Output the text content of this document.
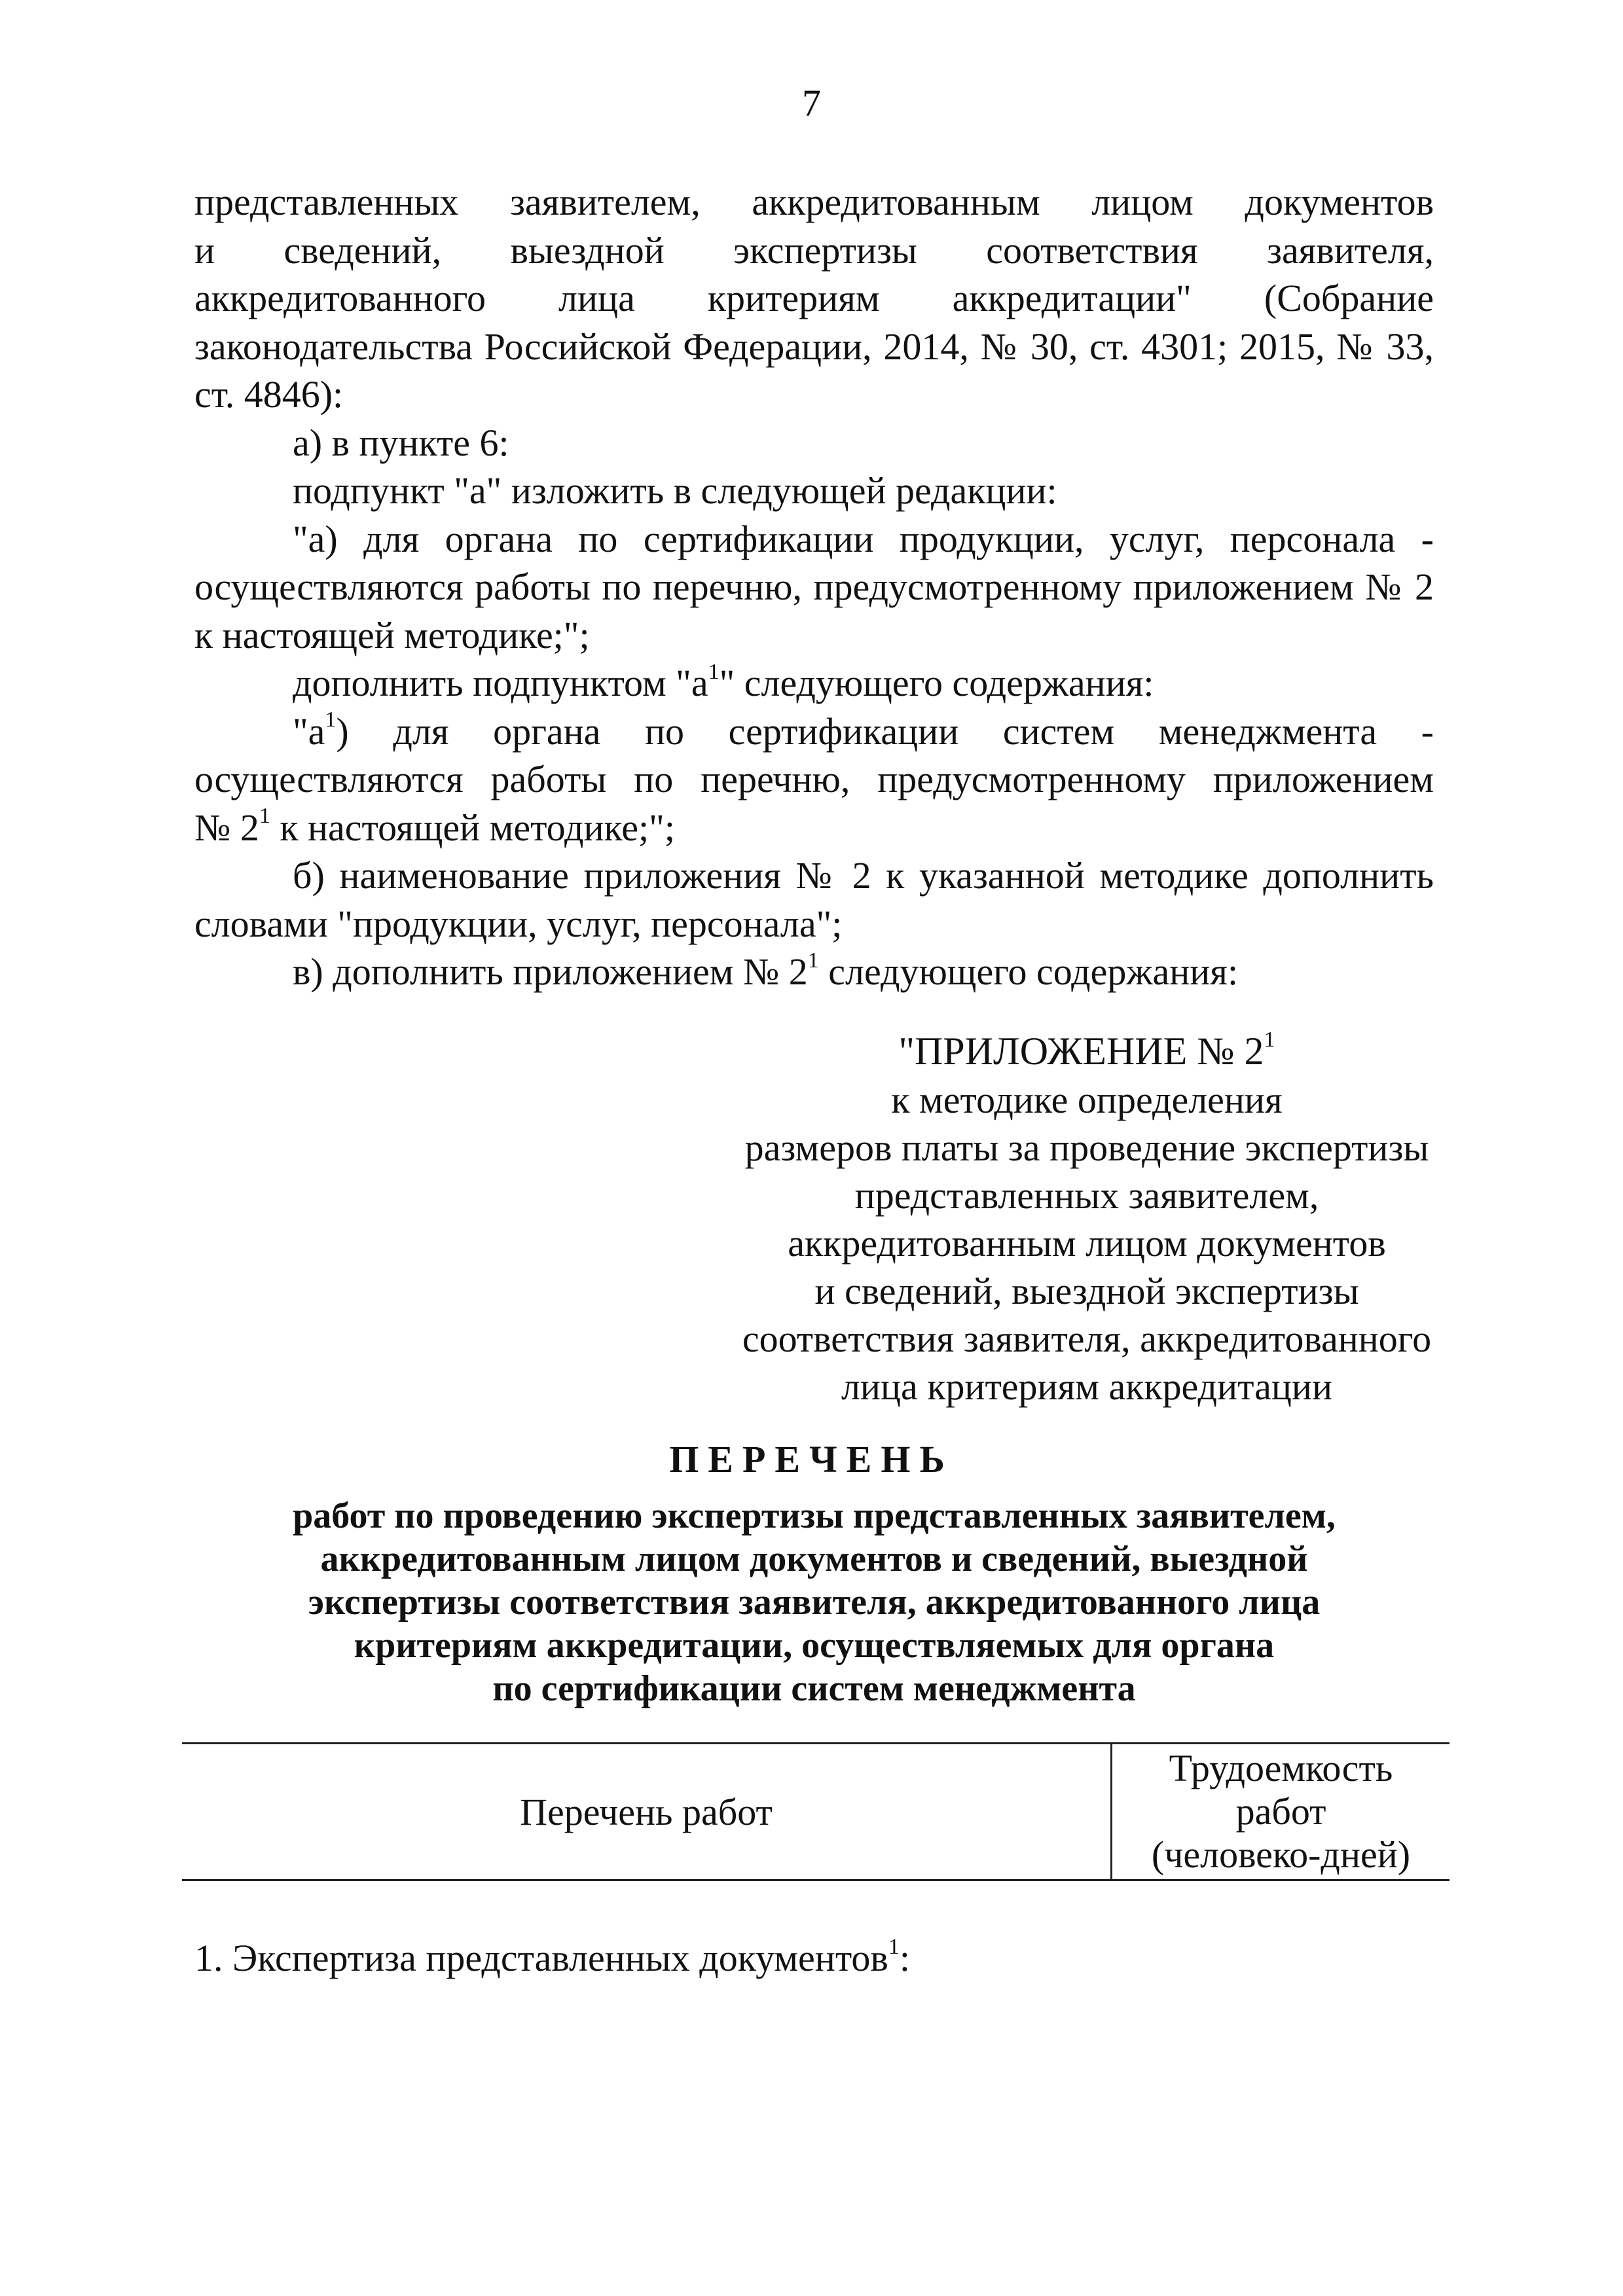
7

представленных заявителем, аккредитованным лицом документов

и сведений, выездной экспертизы соответствия заявителя,

аккредитованного лица критериям аккредитации" (Собрание

законодательства Российской Федерации, 2014, № 30, ст. 4301; 2015, № 33,

ст. 4846):

а) в пункте 6:

подпункт "а" изложить в следующей редакции:

"а) для органа по сертификации продукции, услуг, персонала -

осуществляются работы по перечню, предусмотренному приложением № 2

к настоящей методике;";

дополнить подпунктом "$а^1$" следующего содержания:

"$а^1$) для органа по сертификации систем менеджмента -

осуществляются работы по перечню, предусмотренному приложением

№ $2^1$ к настоящей методике;";

б) наименование приложения № 2 к указанной методике дополнить

словами "продукции, услуг, персонала";

в) дополнить приложением № $2^1$ следующего содержания:

"ПРИЛОЖЕНИЕ № $2^1$
к методике определения
размеров платы за проведение экспертизы
представленных заявителем,
аккредитованным лицом документов
и сведений, выездной экспертизы
соответствия заявителя, аккредитованного
лица критериям аккредитации
ПЕРЕЧЕНЬ
работ по проведению экспертизы представленных заявителем,
аккредитованным лицом документов и сведений, выездной
экспертизы соответствия заявителя, аккредитованного лица
критериям аккредитации, осуществляемых для органа
по сертификации систем менеджмента
Перечень работ
Трудоемкость
работ
(человеко-дней)
1. Экспертиза представленных документов$^1$:
